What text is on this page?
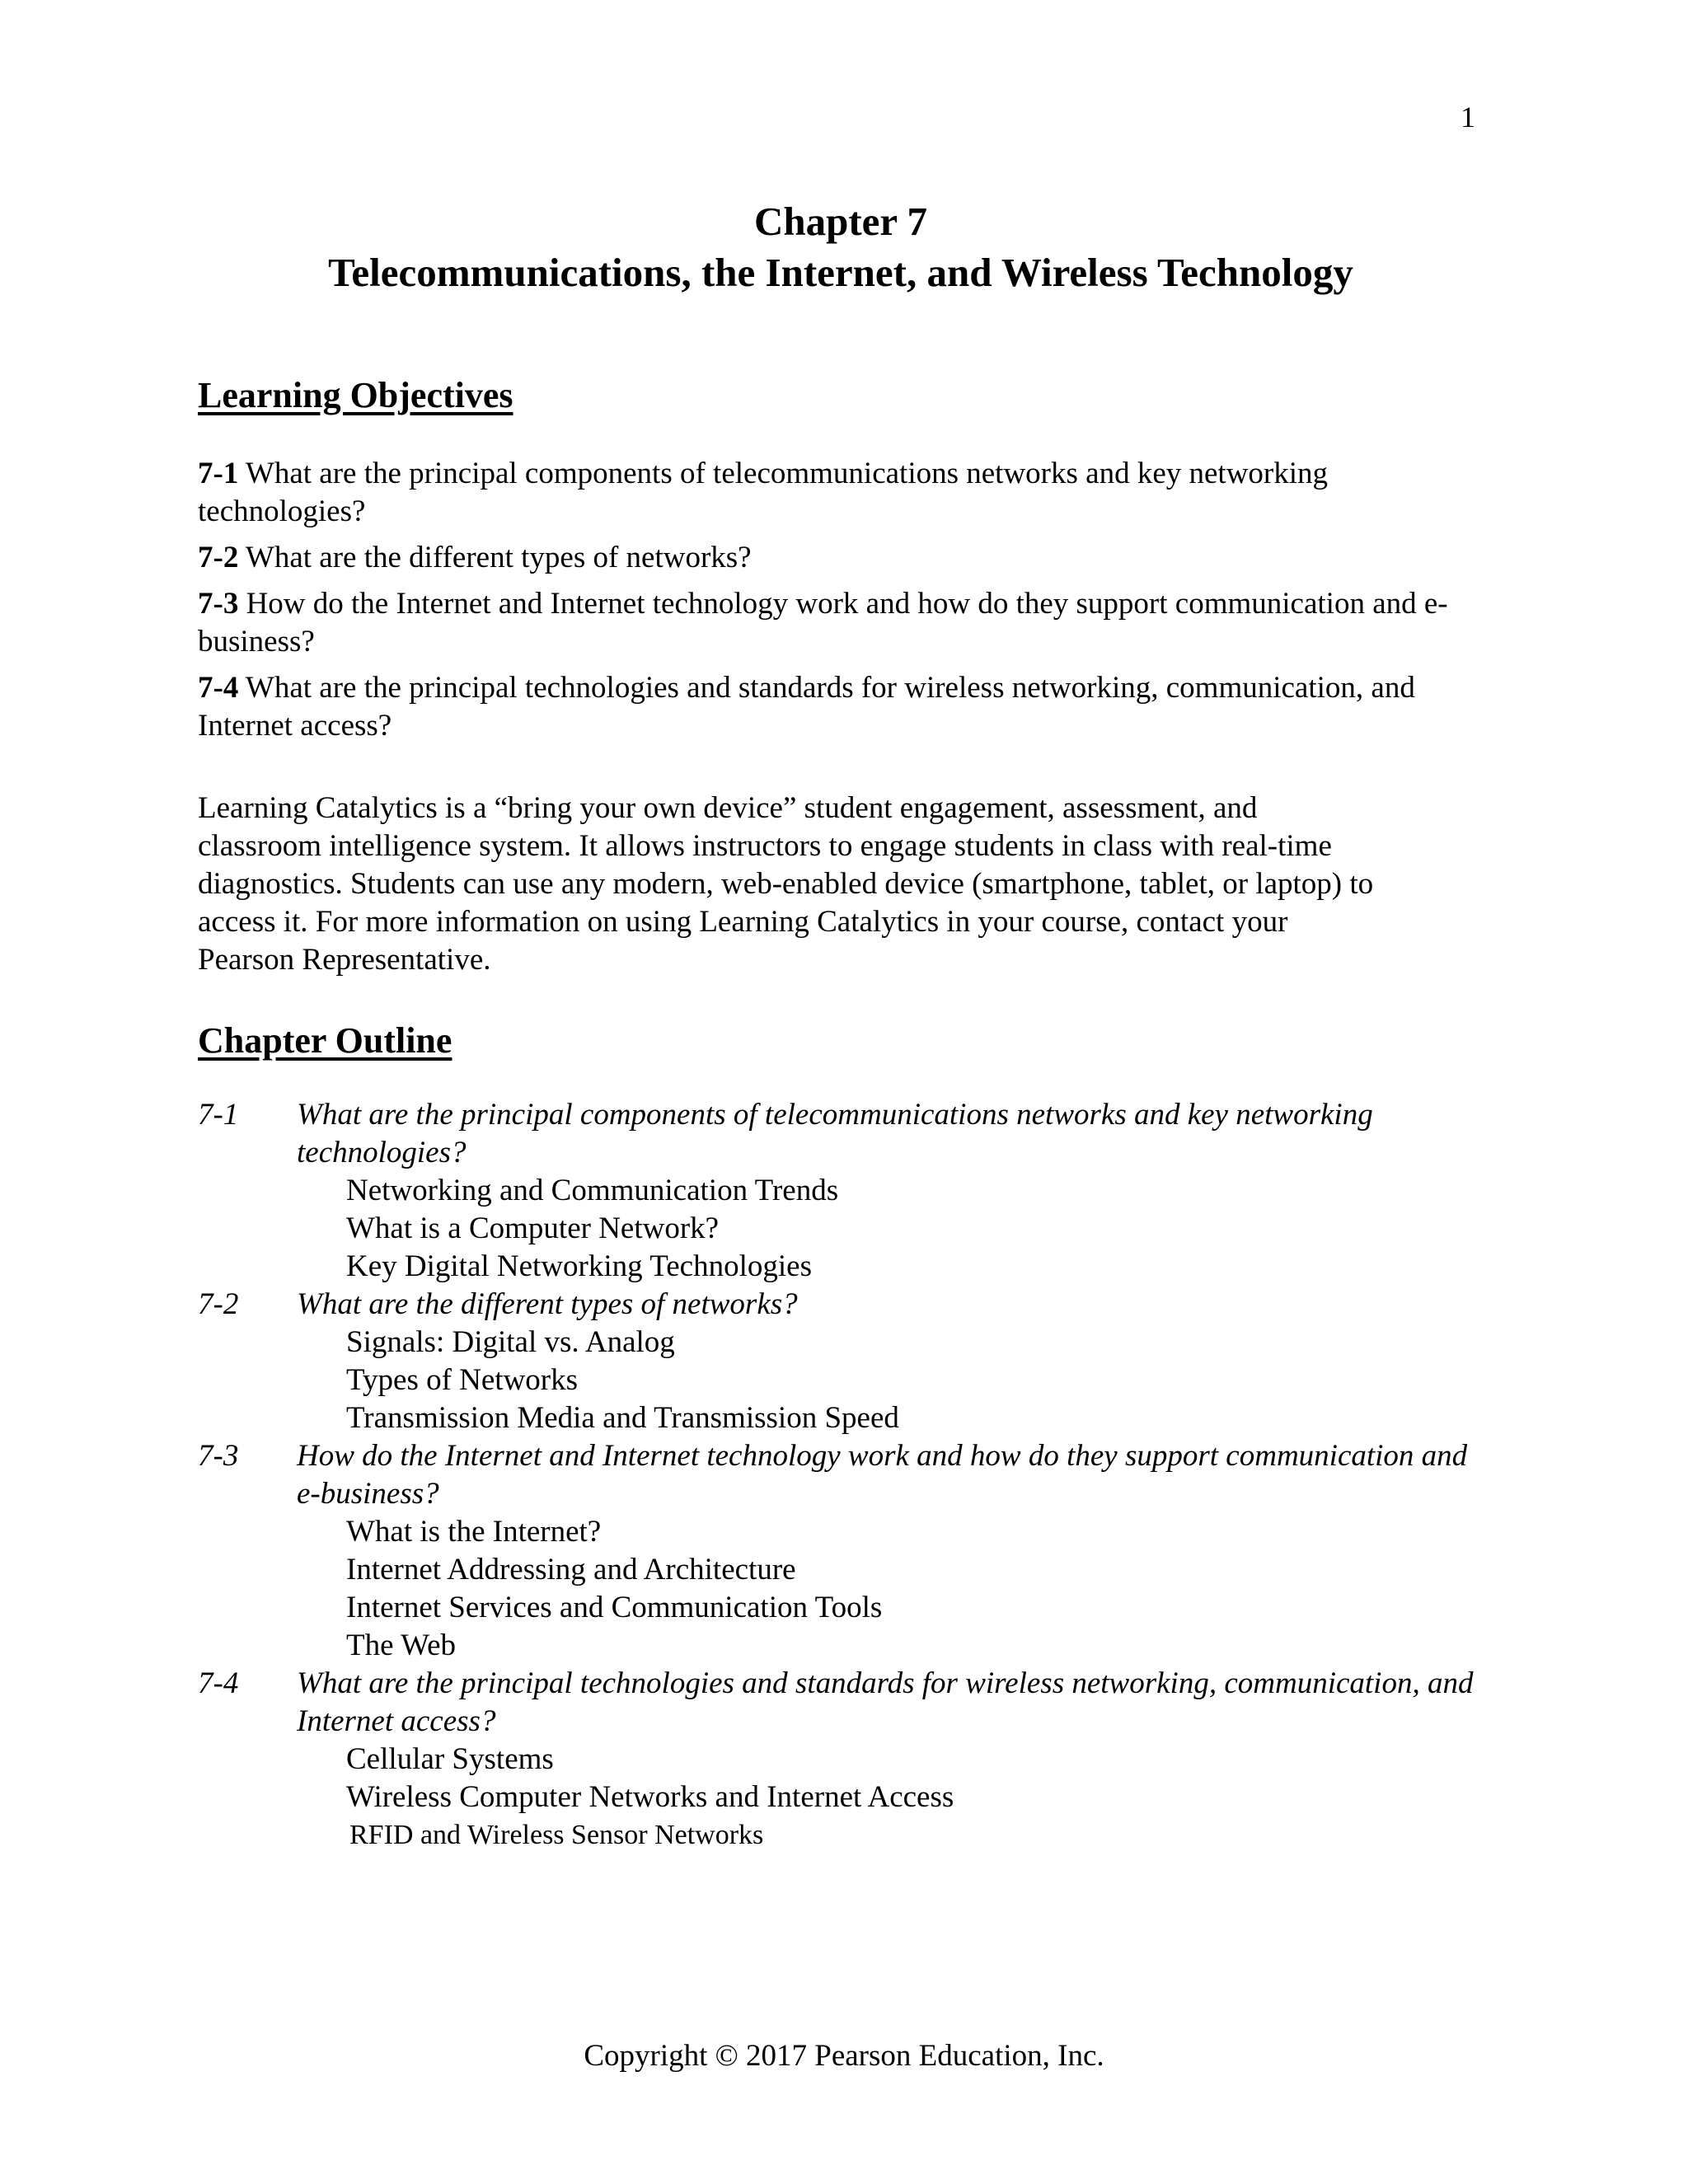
1
Chapter 7
Telecommunications, the Internet, and Wireless Technology
Learning Objectives
7-1 What are the principal components of telecommunications networks and key networking technologies?
7-2 What are the different types of networks?
7-3 How do the Internet and Internet technology work and how do they support communication and e-business?
7-4 What are the principal technologies and standards for wireless networking, communication, and Internet access?
Learning Catalytics is a “bring your own device” student engagement, assessment, and
classroom intelligence system. It allows instructors to engage students in class with real-time
diagnostics. Students can use any modern, web-enabled device (smartphone, tablet, or laptop) to
access it. For more information on using Learning Catalytics in your course, contact your
Pearson Representative.
Chapter Outline
7-1	What are the principal components of telecommunications networks and key networking technologies?
Networking and Communication Trends
What is a Computer Network?
Key Digital Networking Technologies
7-2	What are the different types of networks?
Signals: Digital vs. Analog
Types of Networks
Transmission Media and Transmission Speed
7-3	How do the Internet and Internet technology work and how do they support communication and e-business?
What is the Internet?
Internet Addressing and Architecture
Internet Services and Communication Tools
The Web
7-4	What are the principal technologies and standards for wireless networking, communication, and Internet access?
Cellular Systems
Wireless Computer Networks and Internet Access
RFID and Wireless Sensor Networks
Copyright © 2017 Pearson Education, Inc.
